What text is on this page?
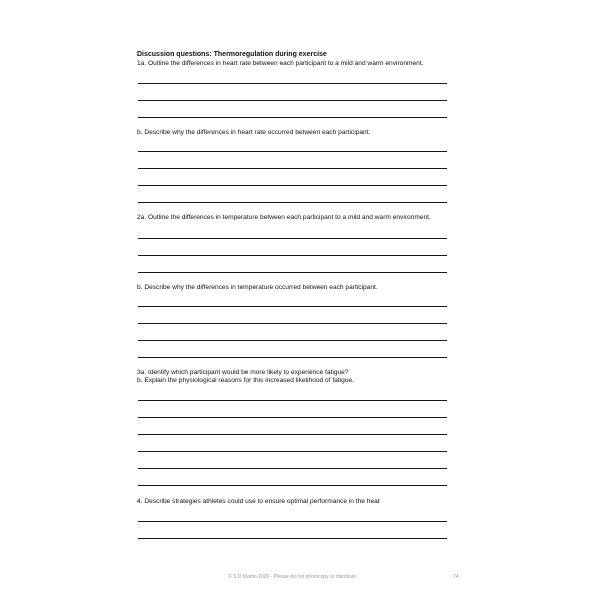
Discussion questions: Thermoregulation during exercise
1a. Outline the differences in heart rate between each participant to a mild and warm environment.
b. Describe why the differences in heart rate occurred between each participant.
2a. Outline the differences in temperature between each participant to a mild and warm environment.
b. Describe why the differences in temperature occurred between each participant.
3a. Identify which participant would be more likely to experience fatigue?
b. Explain the physiological reasons for this increased likelihood of fatigue.
4. Describe strategies athletes could use to ensure optimal performance in the heat
© S D Martin 2026 - Please do not photocopy or distribute	74
